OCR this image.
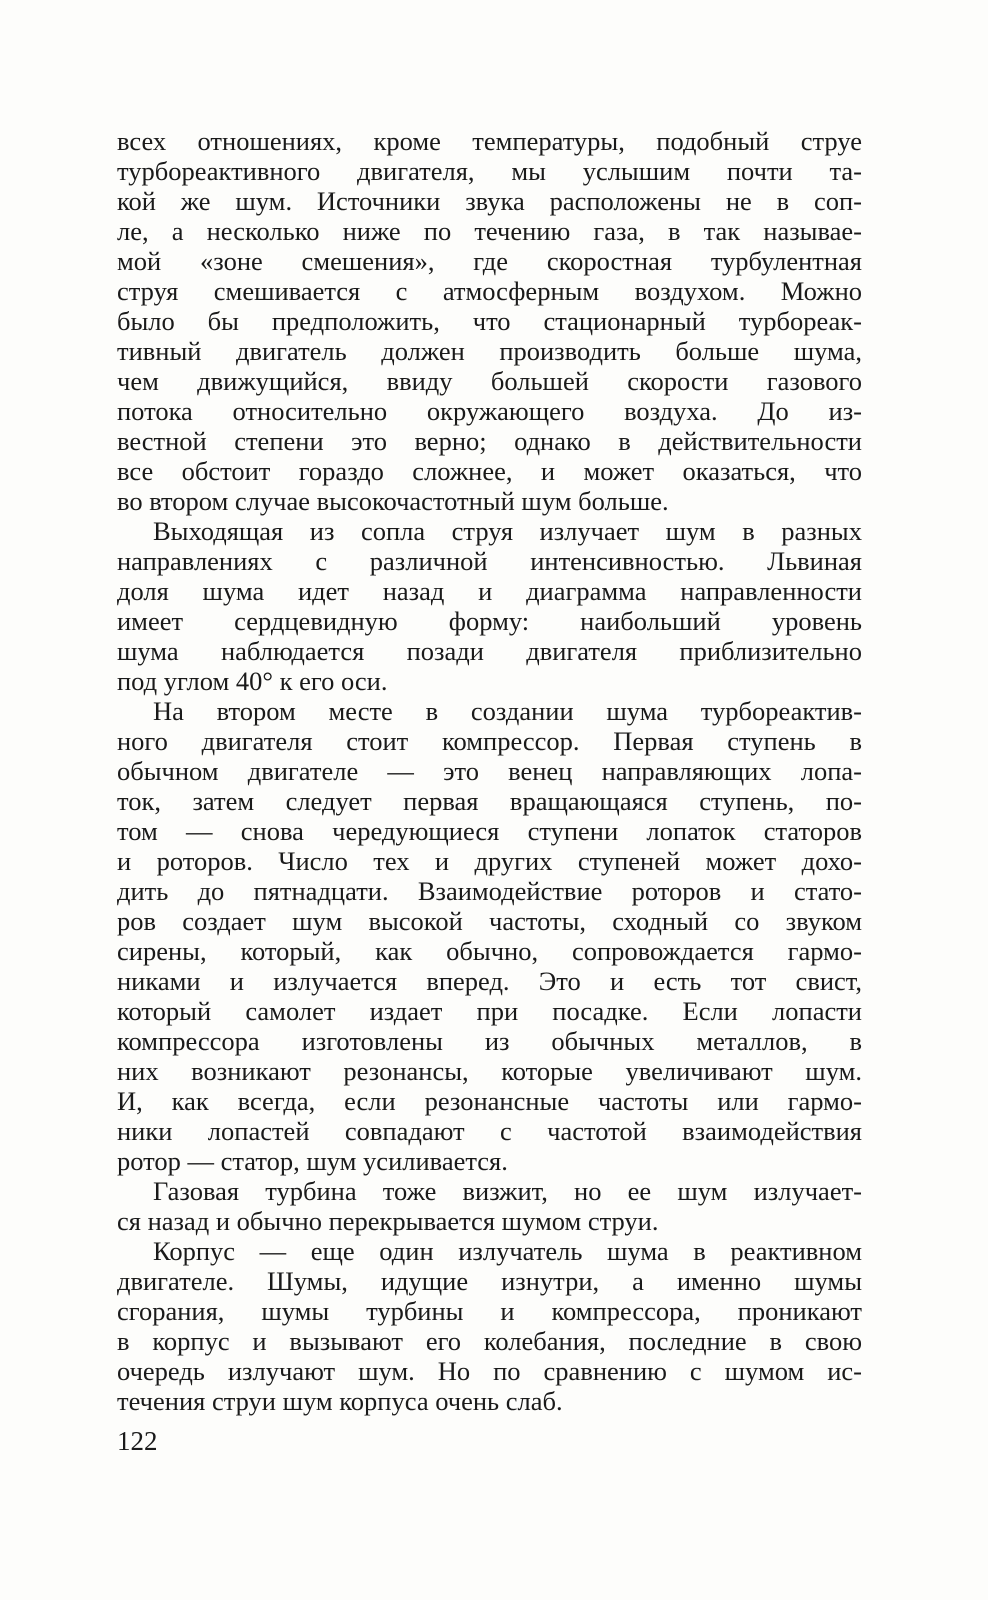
всех отношениях, кроме температуры, подобный струе
турбореактивного двигателя, мы услышим почти та-
кой же шум. Источники звука расположены не в соп-
ле, а несколько ниже по течению газа, в так называе-
мой «зоне смешения», где скоростная турбулентная
струя смешивается с атмосферным воздухом. Можно
было бы предположить, что стационарный турбореак-
тивный двигатель должен производить больше шума,
чем движущийся, ввиду большей скорости газового
потока относительно окружающего воздуха. До из-
вестной степени это верно; однако в действительности
все обстоит гораздо сложнее, и может оказаться, что
во втором случае высокочастотный шум больше.
Выходящая из сопла струя излучает шум в разных
направлениях с различной интенсивностью. Львиная
доля шума идет назад и диаграмма направленности
имеет сердцевидную форму: наибольший уровень
шума наблюдается позади двигателя приблизительно
под углом 40° к его оси.
На втором месте в создании шума турбореактив-
ного двигателя стоит компрессор. Первая ступень в
обычном двигателе — это венец направляющих лопа-
ток, затем следует первая вращающаяся ступень, по-
том — снова чередующиеся ступени лопаток статоров
и роторов. Число тех и других ступеней может дохо-
дить до пятнадцати. Взаимодействие роторов и стато-
ров создает шум высокой частоты, сходный со звуком
сирены, который, как обычно, сопровождается гармо-
никами и излучается вперед. Это и есть тот свист,
который самолет издает при посадке. Если лопасти
компрессора изготовлены из обычных металлов, в
них возникают резонансы, которые увеличивают шум.
И, как всегда, если резонансные частоты или гармо-
ники лопастей совпадают с частотой взаимодействия
ротор — статор, шум усиливается.
Газовая турбина тоже визжит, но ее шум излучает-
ся назад и обычно перекрывается шумом струи.
Корпус — еще один излучатель шума в реактивном
двигателе. Шумы, идущие изнутри, а именно шумы
сгорания, шумы турбины и компрессора, проникают
в корпус и вызывают его колебания, последние в свою
очередь излучают шум. Но по сравнению с шумом ис-
течения струи шум корпуса очень слаб.
122
